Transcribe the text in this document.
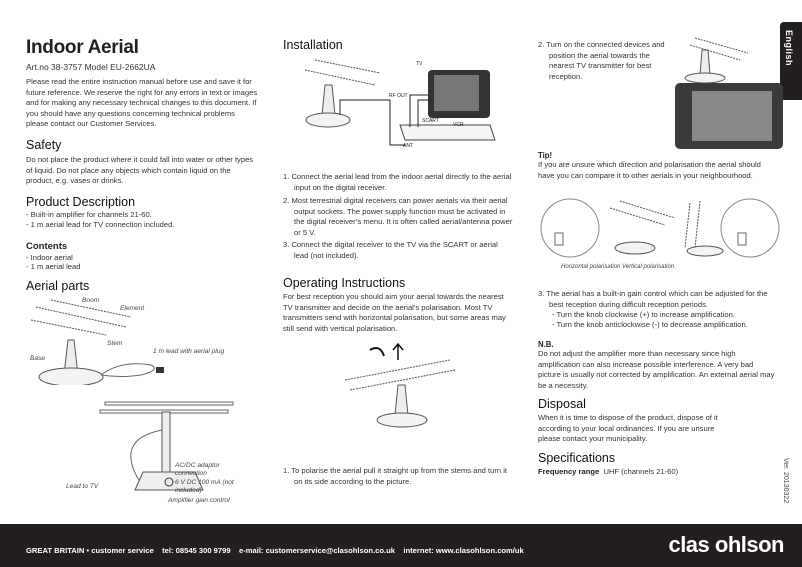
English
Indoor Aerial

Art.no 38-3757 Model EU-2662UA

Please read the entire instruction manual before use and save it for future reference. We reserve the right for any errors in text or images and for making any necessary technical changes to this document. If you should have any questions concerning technical problems please contact our Customer Services.

Safety

Do not place the product where it could fall into water or other types of liquid. Do not place any objects which contain liquid on the product, e.g. vases or drinks.

Product Description

- Built-in amplifier for channels 21-60.

- 1 m aerial lead for TV connection included.

Contents

- Indoor aerial

- 1 m aerial lead

Aerial parts
Boom
Element
Stem
Base
1 m lead with aerial plug
AC/DC adaptor connection
6 V DC 100 mA (not included)
Lead to TV
Amplifier gain control
Installation
TV
RF OUT
SCART
VCR
ANT

1. Connect the aerial lead from the indoor aerial directly to the aerial input on the digital receiver.

2. Most terrestrial digital receivers can power aerials via their aerial output sockets. The power supply function must be activated in the digital receiver’s menu. It is often called aerial/antenna power or 5 V.

3. Connect the digital receiver to the TV via the SCART or aerial lead (not included).

Operating Instructions

For best reception you should aim your aerial towards the nearest TV transmitter and decide on the aerial’s polarisation. Most TV transmitters send with horizontal polarisation, but some areas may still send with vertical polarisation.

1. To polarise the aerial pull it straight up from the stems and turn it on its side according to the picture.

2. Turn on the connected devices and position the aerial towards the nearest TV transmitter for best reception.

Tip!

If you are unsure which direction and polarisation the aerial should have you can compare it to other aerials in your neighbourhood.

Horizontal polarisation Vertical polarisation

3. The aerial has a built-in gain control which can be adjusted for the best reception during difficult reception periods.

- Turn the knob clockwise (+) to increase amplification.

- Turn the knob anticlockwise (-) to decrease amplification.

N.B.

Do not adjust the amplifier more than necessary since high amplification can also increase possible interference. A very bad picture is usually not corrected by amplification. An external aerial may be a necessity.

Disposal

When it is time to dispose of the product, dispose of it according to your local ordinances. If you are unsure please contact your municipality.

Specifications

Frequency range UHF (channels 21-60)	Ver. 20130322
GREAT BRITAIN • customer service    tel: 08545 300 9799    e-mail: customerservice@clasohlson.co.uk    internet: www.clasohlson.com/uk	clas ohlson
